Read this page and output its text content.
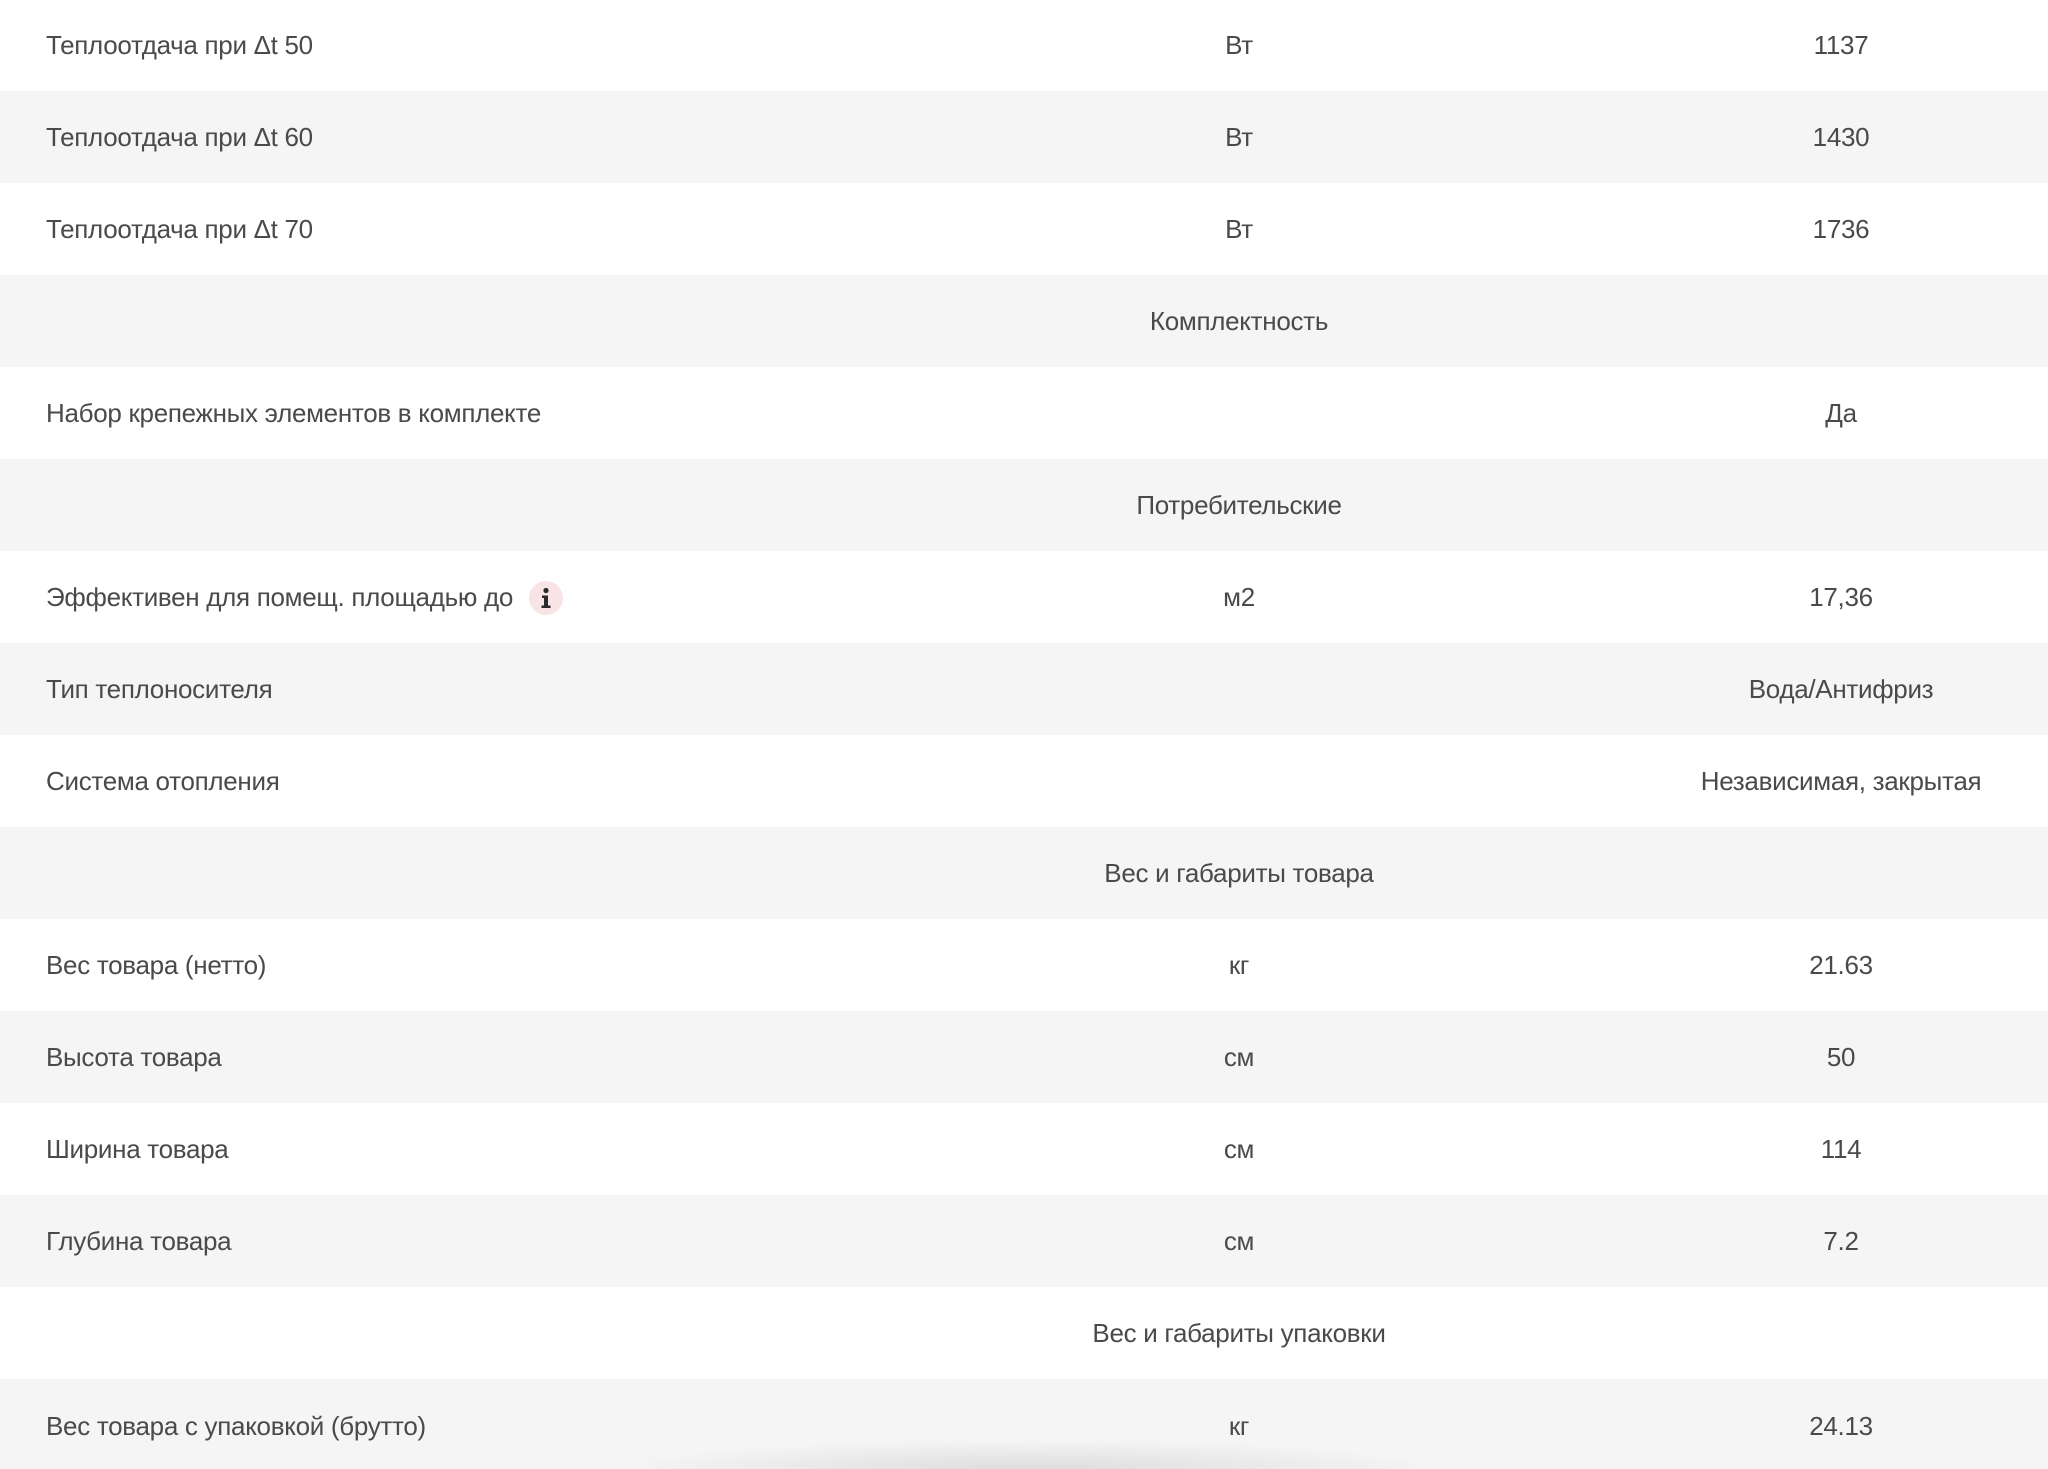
Теплоотдача при Δt 50	Вт	1137
Теплоотдача при Δt 60	Вт	1430
Теплоотдача при Δt 70	Вт	1736
Комплектность
Набор крепежных элементов в комплекте	Да
Потребительские
Эффективен для помещ. площадью до	м2	17,36
Тип теплоносителя	Вода/Антифриз
Система отопления	Независимая, закрытая
Вес и габариты товара
Вес товара (нетто)	кг	21.63
Высота товара	см	50
Ширина товара	см	114
Глубина товара	см	7.2
Вес и габариты упаковки
Вес товара с упаковкой (брутто)	кг	24.13
